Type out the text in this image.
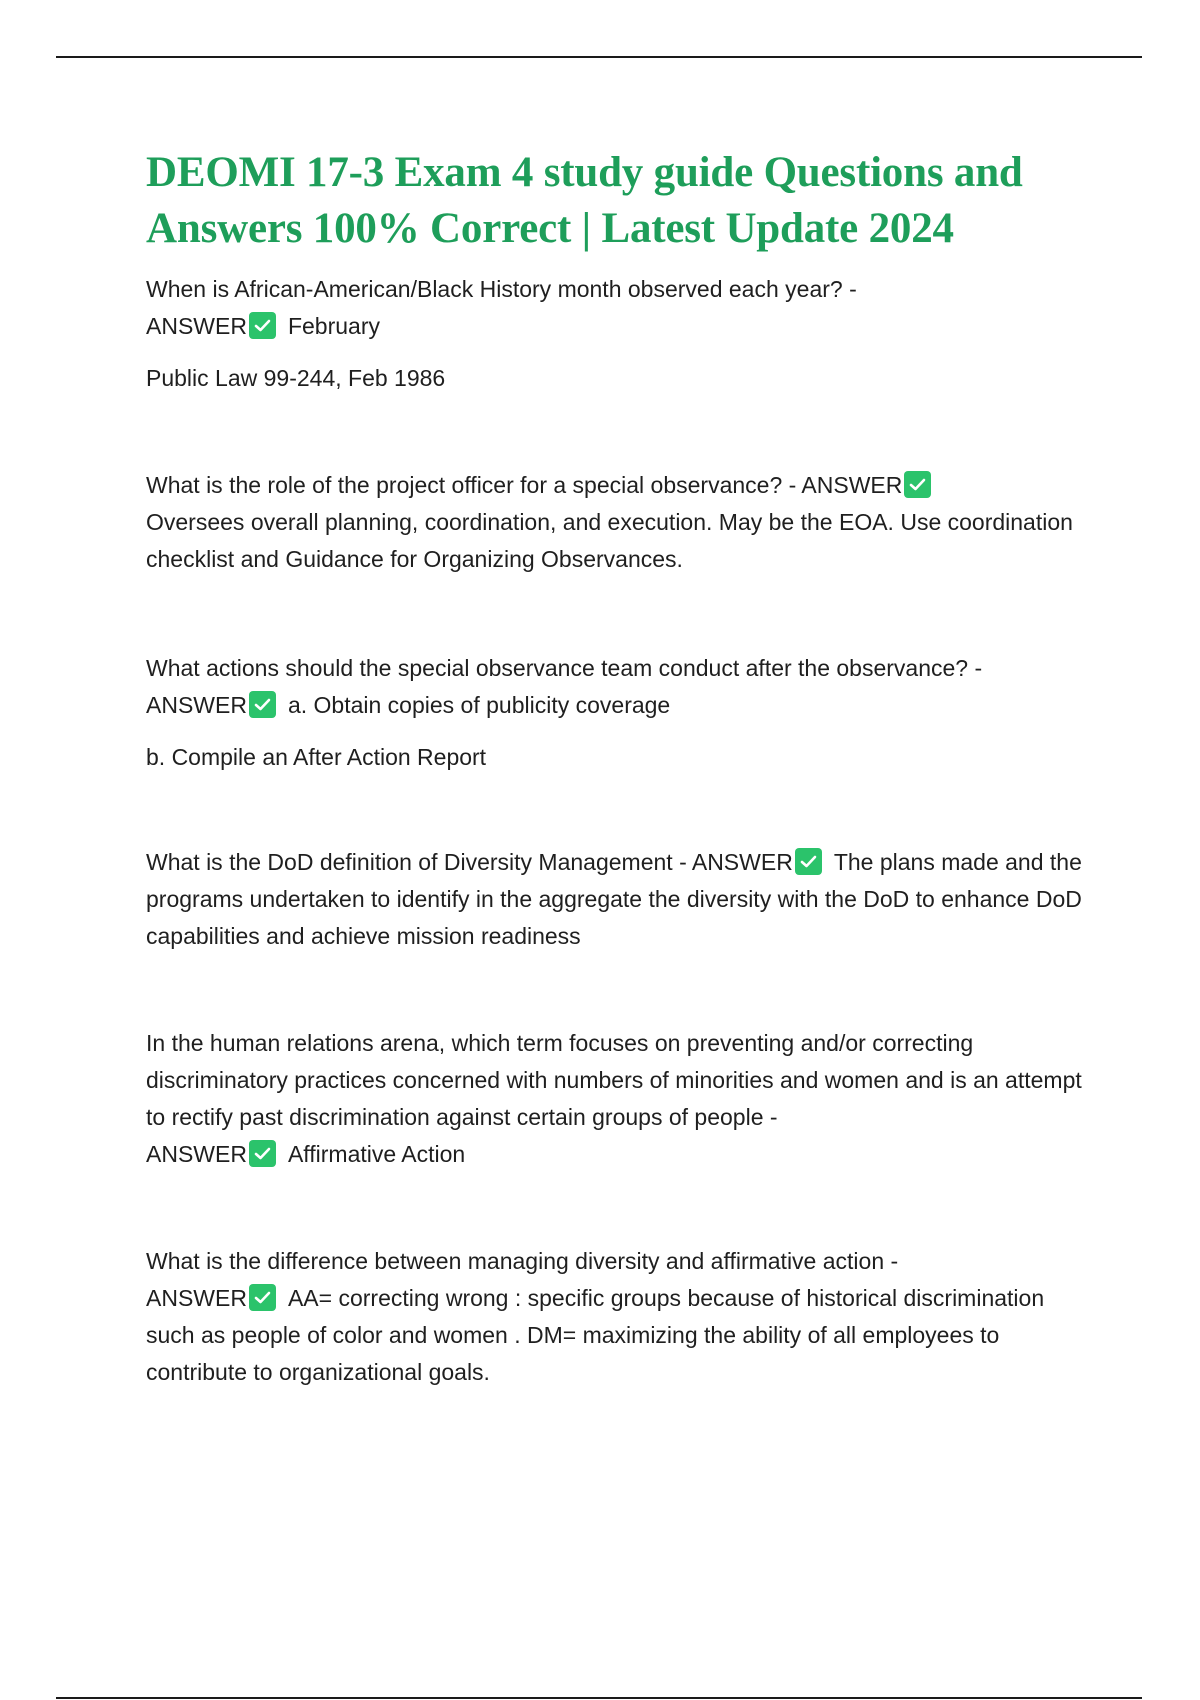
DEOMI 17-3 Exam 4 study guide Questions and Answers 100% Correct | Latest Update 2024

When is African-American/Black History month observed each year? -
ANSWER February

Public Law 99-244, Feb 1986

What is the role of the project officer for a special observance? - ANSWER

Oversees overall planning, coordination, and execution. May be the EOA. Use coordination checklist and Guidance for Organizing Observances.

What actions should the special observance team conduct after the observance? -
ANSWER a. Obtain copies of publicity coverage

b. Compile an After Action Report

What is the DoD definition of Diversity Management - ANSWER The plans made and the programs undertaken to identify in the aggregate the diversity with the DoD to enhance DoD capabilities and achieve mission readiness

In the human relations arena, which term focuses on preventing and/or correcting discriminatory practices concerned with numbers of minorities and women and is an attempt to rectify past discrimination against certain groups of people -
ANSWER Affirmative Action

What is the difference between managing diversity and affirmative action -
ANSWER AA= correcting wrong : specific groups because of historical discrimination such as people of color and women . DM= maximizing the ability of all employees to contribute to organizational goals.
